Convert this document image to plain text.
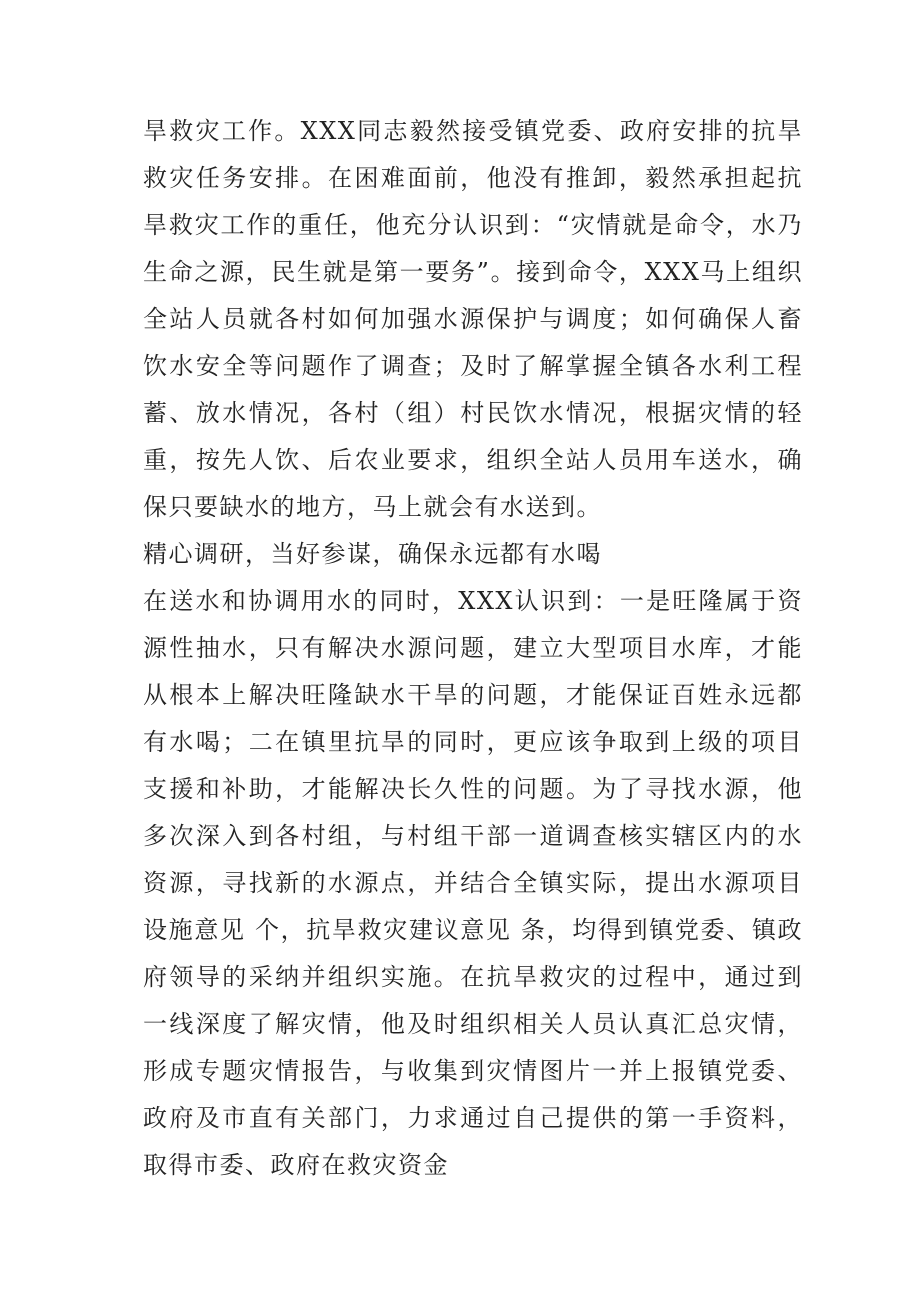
旱救灾工作。XXX同志毅然接受镇党委、政府安排的抗旱救灾任务安排。在困难面前，他没有推卸，毅然承担起抗旱救灾工作的重任，他充分认识到：“灾情就是命令，水乃生命之源，民生就是第一要务”。接到命令，XXX马上组织全站人员就各村如何加强水源保护与调度；如何确保人畜饮水安全等问题作了调查；及时了解掌握全镇各水利工程蓄、放水情况，各村（组）村民饮水情况，根据灾情的轻重，按先人饮、后农业要求，组织全站人员用车送水，确保只要缺水的地方，马上就会有水送到。

精心调研，当好参谋，确保永远都有水喝

在送水和协调用水的同时，XXX认识到：一是旺隆属于资源性抽水，只有解决水源问题，建立大型项目水库，才能从根本上解决旺隆缺水干旱的问题，才能保证百姓永远都有水喝；二在镇里抗旱的同时，更应该争取到上级的项目支援和补助，才能解决长久性的问题。为了寻找水源，他多次深入到各村组，与村组干部一道调查核实辖区内的水资源，寻找新的水源点，并结合全镇实际，提出水源项目设施意见 个，抗旱救灾建议意见 条，均得到镇党委、镇政府领导的采纳并组织实施。在抗旱救灾的过程中，通过到一线深度了解灾情，他及时组织相关人员认真汇总灾情，形成专题灾情报告，与收集到灾情图片一并上报镇党委、政府及市直有关部门，力求通过自己提供的第一手资料，取得市委、政府在救灾资金
